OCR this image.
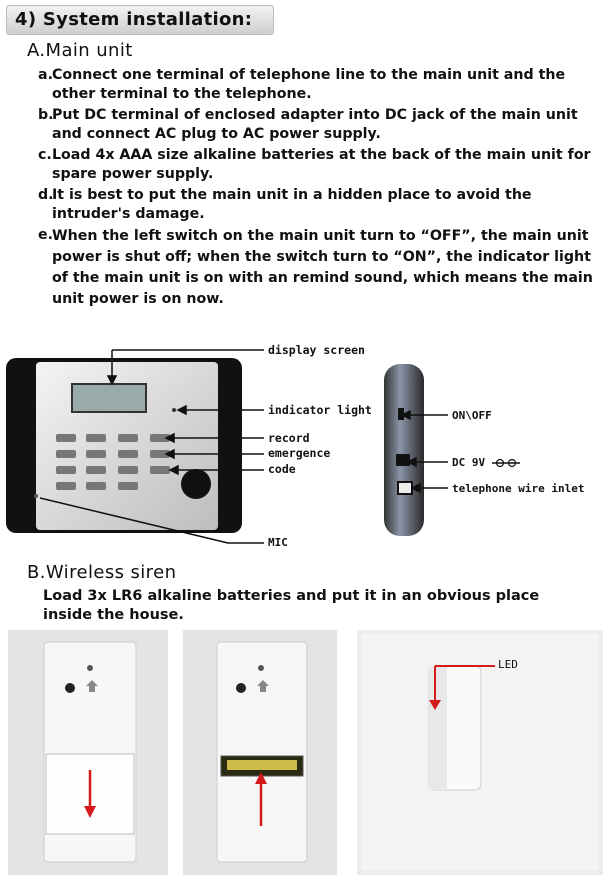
4) System installation:
A.Main unit
a. Connect one terminal of telephone line to the main unit and the other terminal to the telephone.
b.
Put DC terminal of enclosed adapter into DC jack of the main unit and connect AC plug to AC power supply.
c. Load 4x AAA size alkaline batteries at the back of the main unit for spare power supply.
d.
It is best to put the main unit in a hidden place to avoid the intruder's damage.
e.
When the left switch on the main unit turn to “OFF”, the main unit power is shut off; when the switch turn to “ON”, the indicator light of the main unit is on with an remind sound, which means the main unit power is on now.
display screen
indicator light
record
emergence
code
MIC
ON\OFF
DC 9V
telephone wire inlet
B.Wireless siren
Load 3x LR6 alkaline batteries and put it in an obvious place inside the house.
LED
